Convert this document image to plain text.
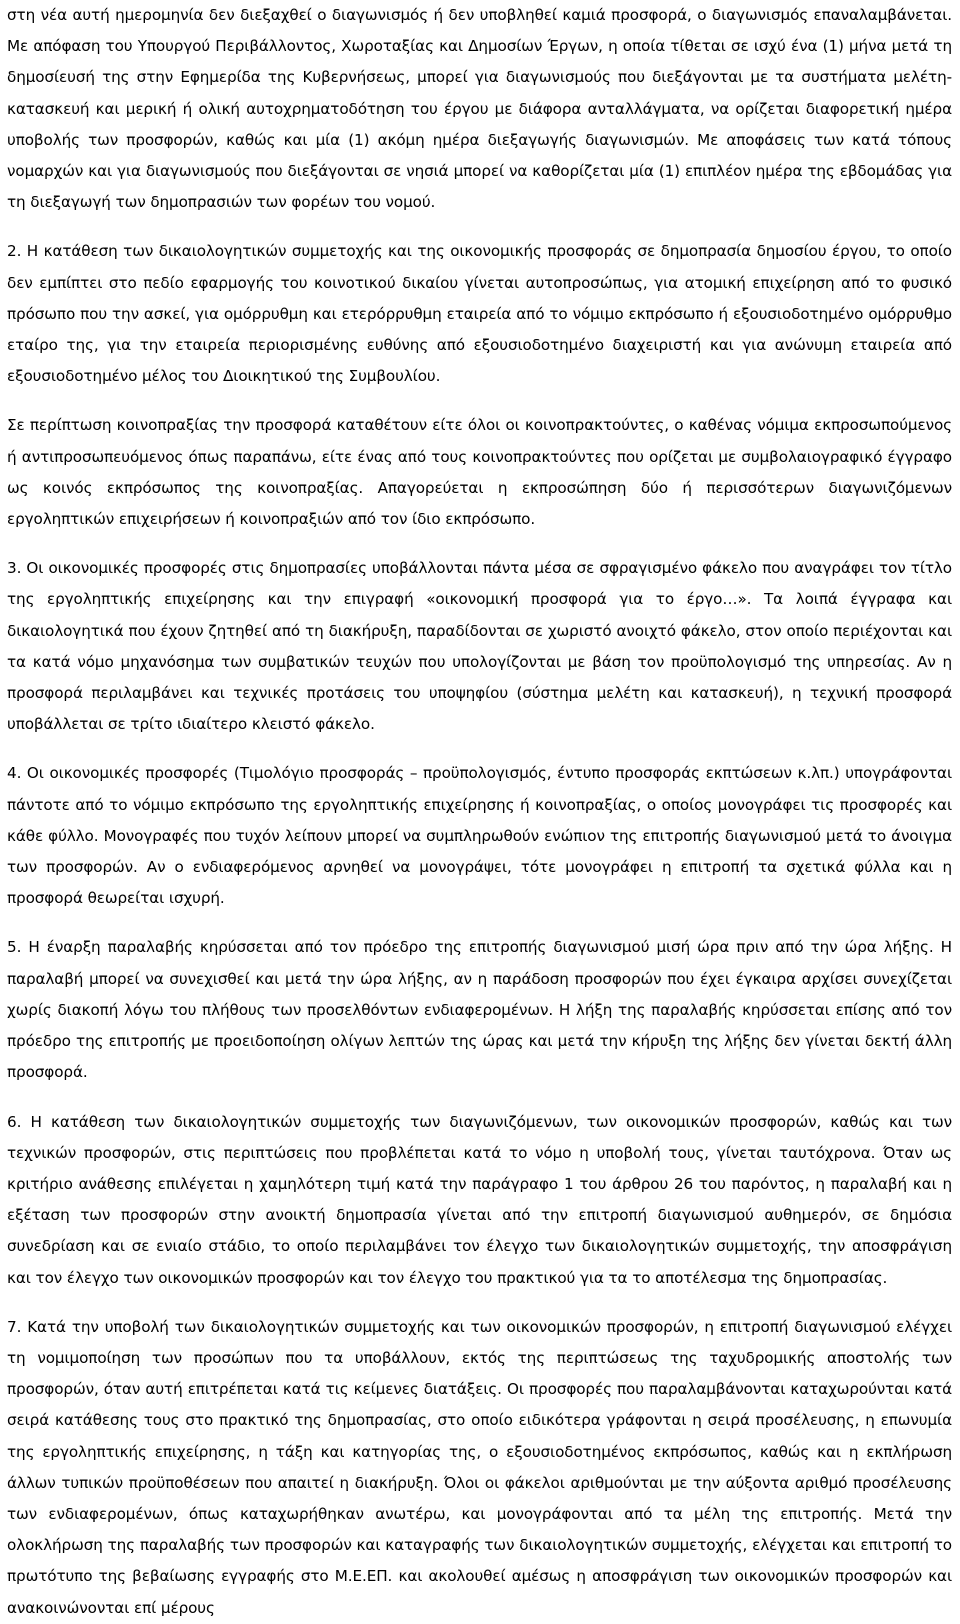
στη νέα αυτή ημερομηνία δεν διεξαχθεί ο διαγωνισμός ή δεν υποβληθεί καμιά προσφορά, ο διαγωνισμός επαναλαμβάνεται. Με απόφαση του Υπουργού Περιβάλλοντος, Χωροταξίας και Δημοσίων Έργων, η οποία τίθεται σε ισχύ ένα (1) μήνα μετά τη δημοσίευσή της στην Εφημερίδα της Κυβερνήσεως, μπορεί για διαγωνισμούς που διεξάγονται με τα συστήματα μελέτη-κατασκευή και μερική ή ολική αυτοχρηματοδότηση του έργου με διάφορα ανταλλάγματα, να ορίζεται διαφορετική ημέρα υποβολής των προσφορών, καθώς και μία (1) ακόμη ημέρα διεξαγωγής διαγωνισμών. Με αποφάσεις των κατά τόπους νομαρχών και για διαγωνισμούς που διεξάγονται σε νησιά μπορεί να καθορίζεται μία (1) επιπλέον ημέρα της εβδομάδας για τη διεξαγωγή των δημοπρασιών των φορέων του νομού.

2. Η κατάθεση των δικαιολογητικών συμμετοχής και της οικονομικής προσφοράς σε δημοπρασία δημοσίου έργου, το οποίο δεν εμπίπτει στο πεδίο εφαρμογής του κοινοτικού δικαίου γίνεται αυτοπροσώπως, για ατομική επιχείρηση από το φυσικό πρόσωπο που την ασκεί, για ομόρρυθμη και ετερόρρυθμη εταιρεία από το νόμιμο εκπρόσωπο ή εξουσιοδοτημένο ομόρρυθμο εταίρο της, για την εταιρεία περιορισμένης ευθύνης από εξουσιοδοτημένο διαχειριστή και για ανώνυμη εταιρεία από εξουσιοδοτημένο μέλος του Διοικητικού της Συμβουλίου.

Σε περίπτωση κοινοπραξίας την προσφορά καταθέτουν είτε όλοι οι κοινοπρακτούντες, ο καθένας νόμιμα εκπροσωπούμενος ή αντιπροσωπευόμενος όπως παραπάνω, είτε ένας από τους κοινοπρακτούντες που ορίζεται με συμβολαιογραφικό έγγραφο ως κοινός εκπρόσωπος της κοινοπραξίας. Απαγορεύεται η εκπροσώπηση δύο ή περισσότερων διαγωνιζόμενων εργοληπτικών επιχειρήσεων ή κοινοπραξιών από τον ίδιο εκπρόσωπο.

3. Οι οικονομικές προσφορές στις δημοπρασίες υποβάλλονται πάντα μέσα σε σφραγισμένο φάκελο που αναγράφει τον τίτλο της εργοληπτικής επιχείρησης και την επιγραφή «οικονομική προσφορά για το έργο…». Τα λοιπά έγγραφα και δικαιολογητικά που έχουν ζητηθεί από τη διακήρυξη, παραδίδονται σε χωριστό ανοιχτό φάκελο, στον οποίο περιέχονται και τα κατά νόμο μηχανόσημα των συμβατικών τευχών που υπολογίζονται με βάση τον προϋπολογισμό της υπηρεσίας. Αν η προσφορά περιλαμβάνει και τεχνικές προτάσεις του υποψηφίου (σύστημα μελέτη και κατασκευή), η τεχνική προσφορά υποβάλλεται σε τρίτο ιδιαίτερο κλειστό φάκελο.

4. Οι οικονομικές προσφορές (Τιμολόγιο προσφοράς – προϋπολογισμός, έντυπο προσφοράς εκπτώσεων κ.λπ.) υπογράφονται πάντοτε από το νόμιμο εκπρόσωπο της εργοληπτικής επιχείρησης ή κοινοπραξίας, ο οποίος μονογράφει τις προσφορές και κάθε φύλλο. Μονογραφές που τυχόν λείπουν μπορεί να συμπληρωθούν ενώπιον της επιτροπής διαγωνισμού μετά το άνοιγμα των προσφορών. Αν ο ενδιαφερόμενος αρνηθεί να μονογράψει, τότε μονογράφει η επιτροπή τα σχετικά φύλλα και η προσφορά θεωρείται ισχυρή.

5. Η έναρξη παραλαβής κηρύσσεται από τον πρόεδρο της επιτροπής διαγωνισμού μισή ώρα πριν από την ώρα λήξης. Η παραλαβή μπορεί να συνεχισθεί και μετά την ώρα λήξης, αν η παράδοση προσφορών που έχει έγκαιρα αρχίσει συνεχίζεται χωρίς διακοπή λόγω του πλήθους των προσελθόντων ενδιαφερομένων. Η λήξη της παραλαβής κηρύσσεται επίσης από τον πρόεδρο της επιτροπής με προειδοποίηση ολίγων λεπτών της ώρας και μετά την κήρυξη της λήξης δεν γίνεται δεκτή άλλη προσφορά.

6. Η κατάθεση των δικαιολογητικών συμμετοχής των διαγωνιζόμενων, των οικονομικών προσφορών, καθώς και των τεχνικών προσφορών, στις περιπτώσεις που προβλέπεται κατά το νόμο η υποβολή τους, γίνεται ταυτόχρονα. Όταν ως κριτήριο ανάθεσης επιλέγεται η χαμηλότερη τιμή κατά την παράγραφο 1 του άρθρου 26 του παρόντος, η παραλαβή και η εξέταση των προσφορών στην ανοικτή δημοπρασία γίνεται από την επιτροπή διαγωνισμού αυθημερόν, σε δημόσια συνεδρίαση και σε ενιαίο στάδιο, το οποίο περιλαμβάνει τον έλεγχο των δικαιολογητικών συμμετοχής, την αποσφράγιση και τον έλεγχο των οικονομικών προσφορών και τον έλεγχο του πρακτικού για τα το αποτέλεσμα της δημοπρασίας.

7. Κατά την υποβολή των δικαιολογητικών συμμετοχής και των οικονομικών προσφορών, η επιτροπή διαγωνισμού ελέγχει τη νομιμοποίηση των προσώπων που τα υποβάλλουν, εκτός της περιπτώσεως της ταχυδρομικής αποστολής των προσφορών, όταν αυτή επιτρέπεται κατά τις κείμενες διατάξεις. Οι προσφορές που παραλαμβάνονται καταχωρούνται κατά σειρά κατάθεσης τους στο πρακτικό της δημοπρασίας, στο οποίο ειδικότερα γράφονται η σειρά προσέλευσης, η επωνυμία της εργοληπτικής επιχείρησης, η τάξη και κατηγορίας της, ο εξουσιοδοτημένος εκπρόσωπος, καθώς και η εκπλήρωση άλλων τυπικών προϋποθέσεων που απαιτεί η διακήρυξη. Όλοι οι φάκελοι αριθμούνται με την αύξοντα αριθμό προσέλευσης των ενδιαφερομένων, όπως καταχωρήθηκαν ανωτέρω, και μονογράφονται από τα μέλη της επιτροπής. Μετά την ολοκλήρωση της παραλαβής των προσφορών και καταγραφής των δικαιολογητικών συμμετοχής, ελέγχεται και επιτροπή το πρωτότυπο της βεβαίωσης εγγραφής στο Μ.Ε.ΕΠ. και ακολουθεί αμέσως η αποσφράγιση των οικονομικών προσφορών και ανακοινώνονται επί μέρους
